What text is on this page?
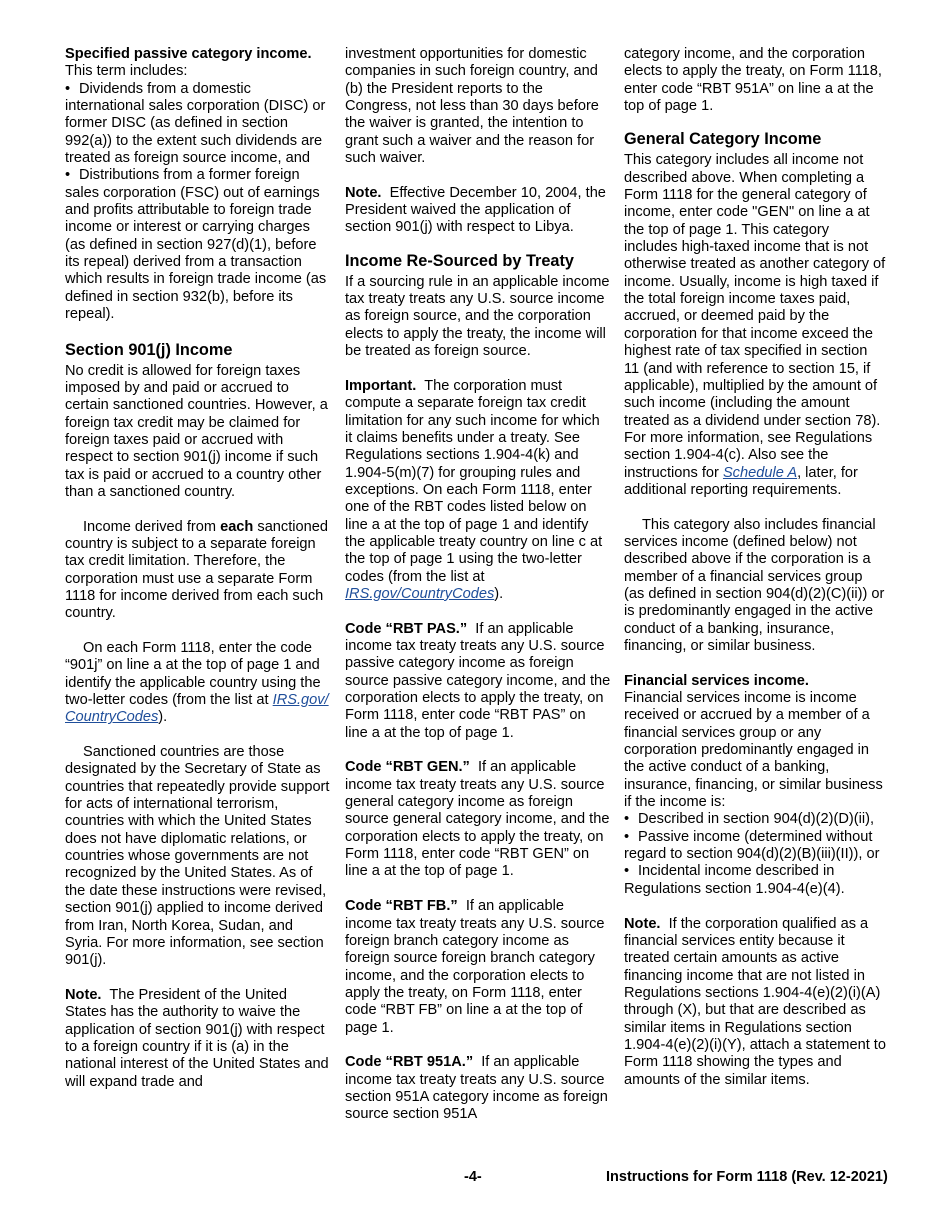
Specified passive category income.  This term includes:

• Dividends from a domestic international sales corporation (DISC) or former DISC (as defined in section 992(a)) to the extent such dividends are treated as foreign source income, and

• Distributions from a former foreign sales corporation (FSC) out of earnings and profits attributable to foreign trade income or interest or carrying charges (as defined in section 927(d)(1), before its repeal) derived from a transaction which results in foreign trade income (as defined in section 932(b), before its repeal).

Section 901(j) Income

No credit is allowed for foreign taxes imposed by and paid or accrued to certain sanctioned countries. However, a foreign tax credit may be claimed for foreign taxes paid or accrued with respect to section 901(j) income if such tax is paid or accrued to a country other than a sanctioned country.

Income derived from each sanctioned country is subject to a separate foreign tax credit limitation. Therefore, the corporation must use a separate Form 1118 for income derived from each such country.

On each Form 1118, enter the code “901j” on line a at the top of page 1 and identify the applicable country using the two-letter codes (from the list at IRS.gov/ CountryCodes).

Sanctioned countries are those designated by the Secretary of State as countries that repeatedly provide support for acts of international terrorism, countries with which the United States does not have diplomatic relations, or countries whose governments are not recognized by the United States. As of the date these instructions were revised, section 901(j) applied to income derived from Iran, North Korea, Sudan, and Syria. For more information, see section 901(j).

Note. The President of the United States has the authority to waive the application of section 901(j) with respect to a foreign country if it is (a) in the national interest of the United States and will expand trade and

investment opportunities for domestic companies in such foreign country, and (b) the President reports to the Congress, not less than 30 days before the waiver is granted, the intention to grant such a waiver and the reason for such waiver.

Note. Effective December 10, 2004, the President waived the application of section 901(j) with respect to Libya.

Income Re-Sourced by Treaty

If a sourcing rule in an applicable income tax treaty treats any U.S. source income as foreign source, and the corporation elects to apply the treaty, the income will be treated as foreign source.

Important. The corporation must compute a separate foreign tax credit limitation for any such income for which it claims benefits under a treaty. See Regulations sections 1.904-4(k) and 1.904-5(m)(7) for grouping rules and exceptions. On each Form 1118, enter one of the RBT codes listed below on line a at the top of page 1 and identify the applicable treaty country on line c at the top of page 1 using the two-letter codes (from the list at IRS.gov/CountryCodes).

Code “RBT PAS.” If an applicable income tax treaty treats any U.S. source passive category income as foreign source passive category income, and the corporation elects to apply the treaty, on Form 1118, enter code “RBT PAS” on line a at the top of page 1.

Code “RBT GEN.” If an applicable income tax treaty treats any U.S. source general category income as foreign source general category income, and the corporation elects to apply the treaty, on Form 1118, enter code “RBT GEN” on line a at the top of page 1.

Code “RBT FB.” If an applicable income tax treaty treats any U.S. source foreign branch category income as foreign source foreign branch category income, and the corporation elects to apply the treaty, on Form 1118, enter code “RBT FB” on line a at the top of page 1.

Code “RBT 951A.” If an applicable income tax treaty treats any U.S. source section 951A category income as foreign source section 951A

category income, and the corporation elects to apply the treaty, on Form 1118, enter code “RBT 951A” on line a at the top of page 1.

General Category Income

This category includes all income not described above. When completing a Form 1118 for the general category of income, enter code "GEN" on line a at the top of page 1. This category includes high-taxed income that is not otherwise treated as another category of income. Usually, income is high taxed if the total foreign income taxes paid, accrued, or deemed paid by the corporation for that income exceed the highest rate of tax specified in section 11 (and with reference to section 15, if applicable), multiplied by the amount of such income (including the amount treated as a dividend under section 78). For more information, see Regulations section 1.904-4(c). Also see the instructions for Schedule A, later, for additional reporting requirements.

This category also includes financial services income (defined below) not described above if the corporation is a member of a financial services group (as defined in section 904(d)(2)(C)(ii)) or is predominantly engaged in the active conduct of a banking, insurance, financing, or similar business.

Financial services income.
Financial services income is income received or accrued by a member of a financial services group or any corporation predominantly engaged in the active conduct of a banking, insurance, financing, or similar business if the income is:

• Described in section 904(d)(2)(D)(ii),

• Passive income (determined without regard to section 904(d)(2)(B)(iii)(II)), or

• Incidental income described in Regulations section 1.904-4(e)(4).

Note. If the corporation qualified as a financial services entity because it treated certain amounts as active financing income that are not listed in Regulations sections 1.904-4(e)(2)(i)(A) through (X), but that are described as similar items in Regulations section 1.904-4(e)(2)(i)(Y), attach a statement to Form 1118 showing the types and amounts of the similar items.

-4-	Instructions for Form 1118 (Rev. 12-2021)
